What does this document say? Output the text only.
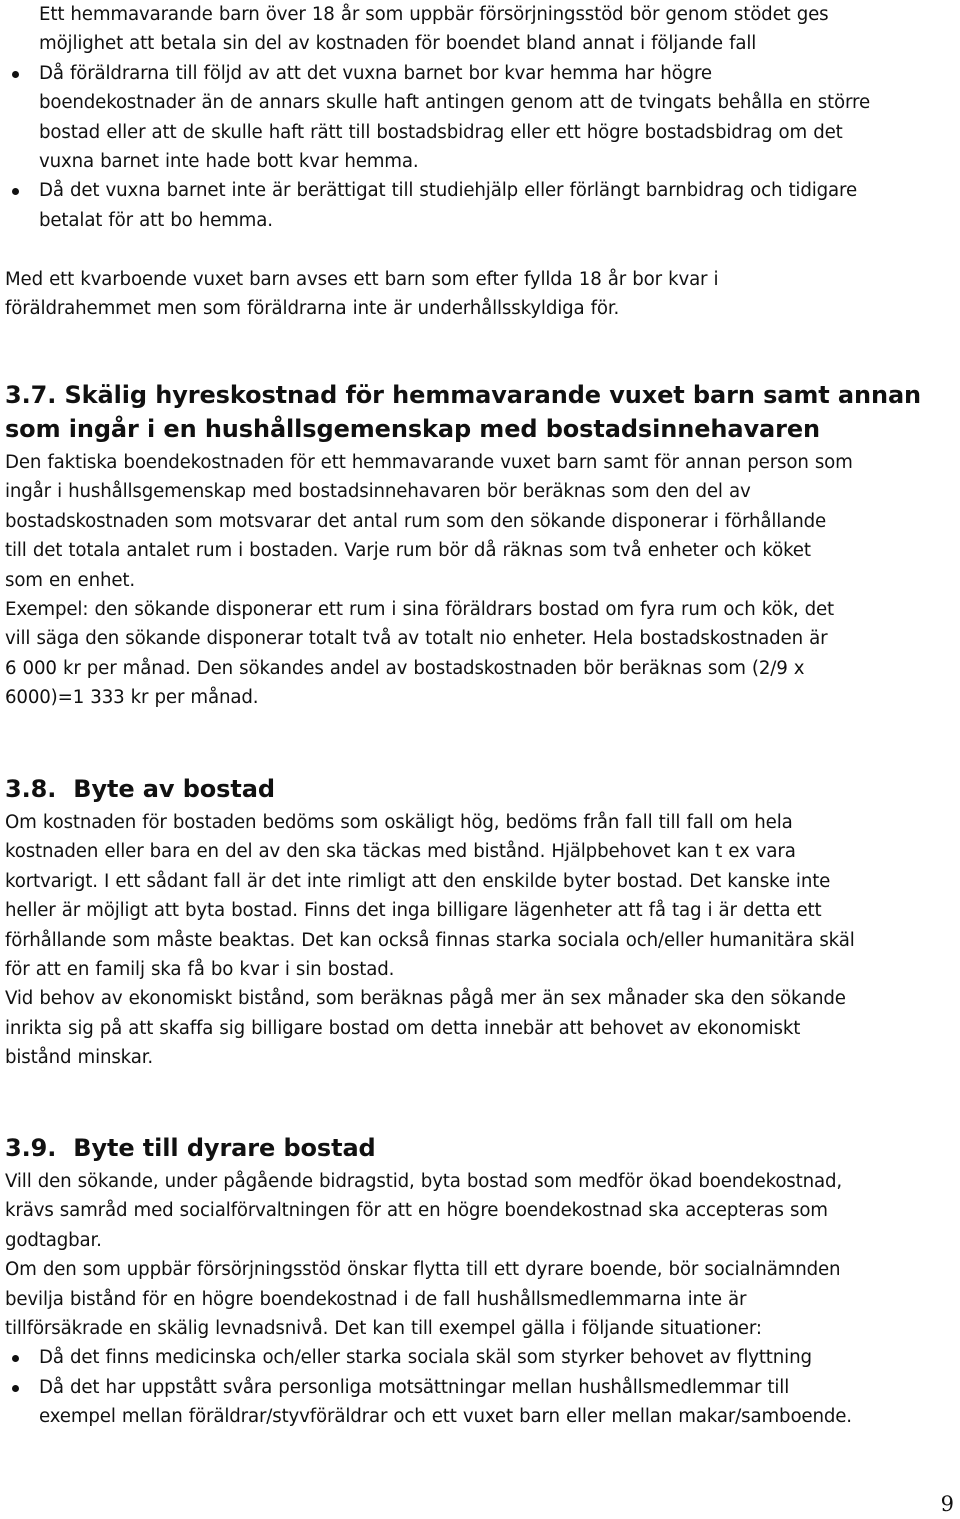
Ett hemmavarande barn över 18 år som uppbär försörjningsstöd bör genom stödet ges
möjlighet att betala sin del av kostnaden för boendet bland annat i följande fall

Då föräldrarna till följd av att det vuxna barnet bor kvar hemma har högre
boendekostnader än de annars skulle haft antingen genom att de tvingats behålla en större
bostad eller att de skulle haft rätt till bostadsbidrag eller ett högre bostadsbidrag om det
vuxna barnet inte hade bott kvar hemma.
Då det vuxna barnet inte är berättigat till studiehjälp eller förlängt barnbidrag och tidigare
betalat för att bo hemma.

Med ett kvarboende vuxet barn avses ett barn som efter fyllda 18 år bor kvar i
föräldrahemmet men som föräldrarna inte är underhållsskyldiga för.

3.7. Skälig hyreskostnad för hemmavarande vuxet barn samt annan
som ingår i en hushållsgemenskap med bostadsinnehavaren

Den faktiska boendekostnaden för ett hemmavarande vuxet barn samt för annan person som
ingår i hushållsgemenskap med bostadsinnehavaren bör beräknas som den del av
bostadskostnaden som motsvarar det antal rum som den sökande disponerar i förhållande
till det totala antalet rum i bostaden. Varje rum bör då räknas som två enheter och köket
som en enhet.

Exempel: den sökande disponerar ett rum i sina föräldrars bostad om fyra rum och kök, det
vill säga den sökande disponerar totalt två av totalt nio enheter. Hela bostadskostnaden är
6 000 kr per månad. Den sökandes andel av bostadskostnaden bör beräknas som (2/9 x
6000)=1 333 kr per månad.

3.8. Byte av bostad

Om kostnaden för bostaden bedöms som oskäligt hög, bedöms från fall till fall om hela
kostnaden eller bara en del av den ska täckas med bistånd. Hjälpbehovet kan t ex vara
kortvarigt. I ett sådant fall är det inte rimligt att den enskilde byter bostad. Det kanske inte
heller är möjligt att byta bostad. Finns det inga billigare lägenheter att få tag i är detta ett
förhållande som måste beaktas. Det kan också finnas starka sociala och/eller humanitära skäl
för att en familj ska få bo kvar i sin bostad.

Vid behov av ekonomiskt bistånd, som beräknas pågå mer än sex månader ska den sökande
inrikta sig på att skaffa sig billigare bostad om detta innebär att behovet av ekonomiskt
bistånd minskar.

3.9. Byte till dyrare bostad

Vill den sökande, under pågående bidragstid, byta bostad som medför ökad boendekostnad,
krävs samråd med socialförvaltningen för att en högre boendekostnad ska accepteras som
godtagbar.

Om den som uppbär försörjningsstöd önskar flytta till ett dyrare boende, bör socialnämnden
bevilja bistånd för en högre boendekostnad i de fall hushållsmedlemmarna inte är
tillförsäkrade en skälig levnadsnivå. Det kan till exempel gälla i följande situationer:

Då det finns medicinska och/eller starka sociala skäl som styrker behovet av flyttning
Då det har uppstått svåra personliga motsättningar mellan hushållsmedlemmar till
exempel mellan föräldrar/styvföräldrar och ett vuxet barn eller mellan makar/samboende.
9
